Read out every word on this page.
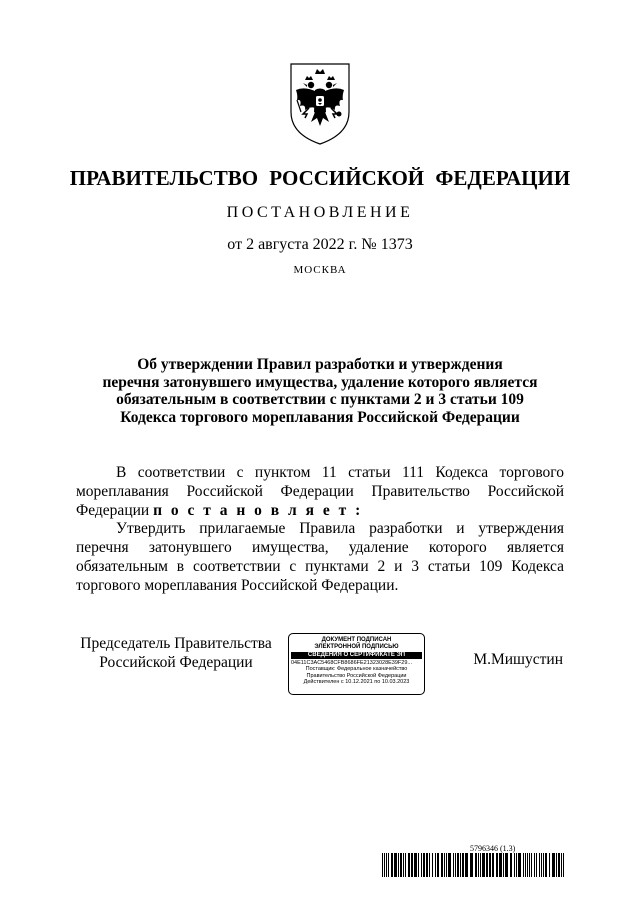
ПРАВИТЕЛЬСТВО РОССИЙСКОЙ ФЕДЕРАЦИИ
ПОСТАНОВЛЕНИЕ
от 2 августа 2022 г. № 1373
МОСКВА
Об утверждении Правил разработки и утверждения
перечня затонувшего имущества, удаление которого является
обязательным в соответствии с пунктами 2 и 3 статьи 109
Кодекса торгового мореплавания Российской Федерации
В соответствии с пунктом 11 статьи 111 Кодекса торгового мореплавания Российской Федерации Правительство Российской Федерации п о с т а н о в л я е т :
Утвердить прилагаемые Правила разработки и утверждения перечня затонувшего имущества, удаление которого является обязательным в соответствии с пунктами 2 и 3 статьи 109 Кодекса торгового мореплавания Российской Федерации.
Председатель Правительства
Российской Федерации
ДОКУМЕНТ ПОДПИСАН
ЭЛЕКТРОННОЙ ПОДПИСЬЮ
СВЕДЕНИЯ О СЕРТИФИКАТЕ ЭП
04E11C3AC5468CFB8686FE21323028E39F29...
Поставщик: Федеральное казначейство
Правительство Российской Федерации
Действителен с 10.12.2021 по 10.03.2023
М.Мишустин
5796346 (1.3)
